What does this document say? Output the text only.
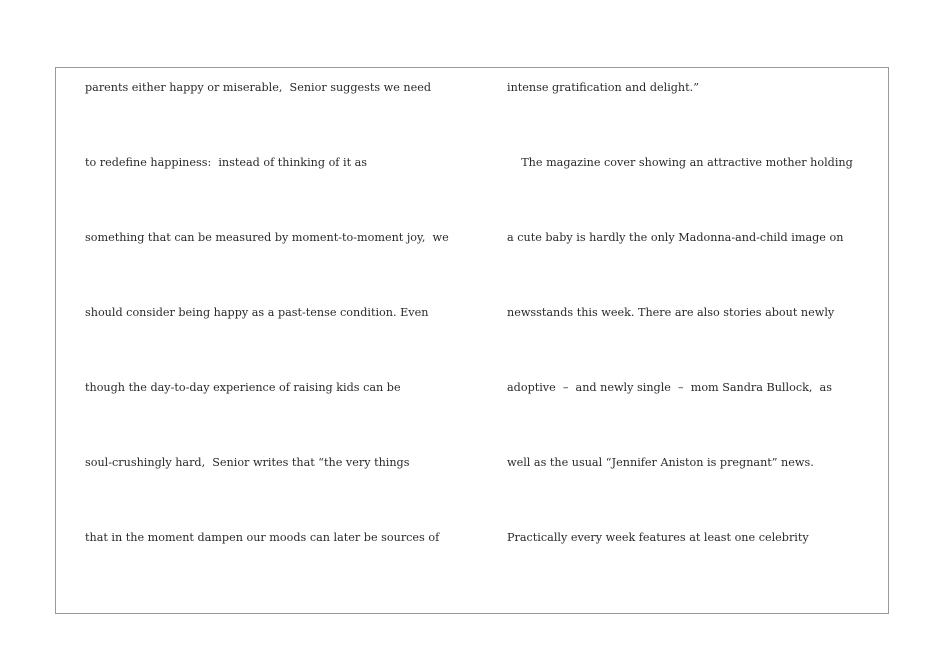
parents either happy or miserable,  Senior suggests we need
to redefine happiness:  instead of thinking of it as
something that can be measured by moment-to-moment joy,  we
should consider being happy as a past-tense condition. Even
though the day-to-day experience of raising kids can be
soul-crushingly hard,  Senior writes that “the very things
that in the moment dampen our moods can later be sources of
intense gratification and delight.”
The magazine cover showing an attractive mother holding
a cute baby is hardly the only Madonna-and-child image on
newsstands this week. There are also stories about newly
adoptive  –  and newly single  –  mom Sandra Bullock,  as
well as the usual “Jennifer Aniston is pregnant” news.
Practically every week features at least one celebrity
